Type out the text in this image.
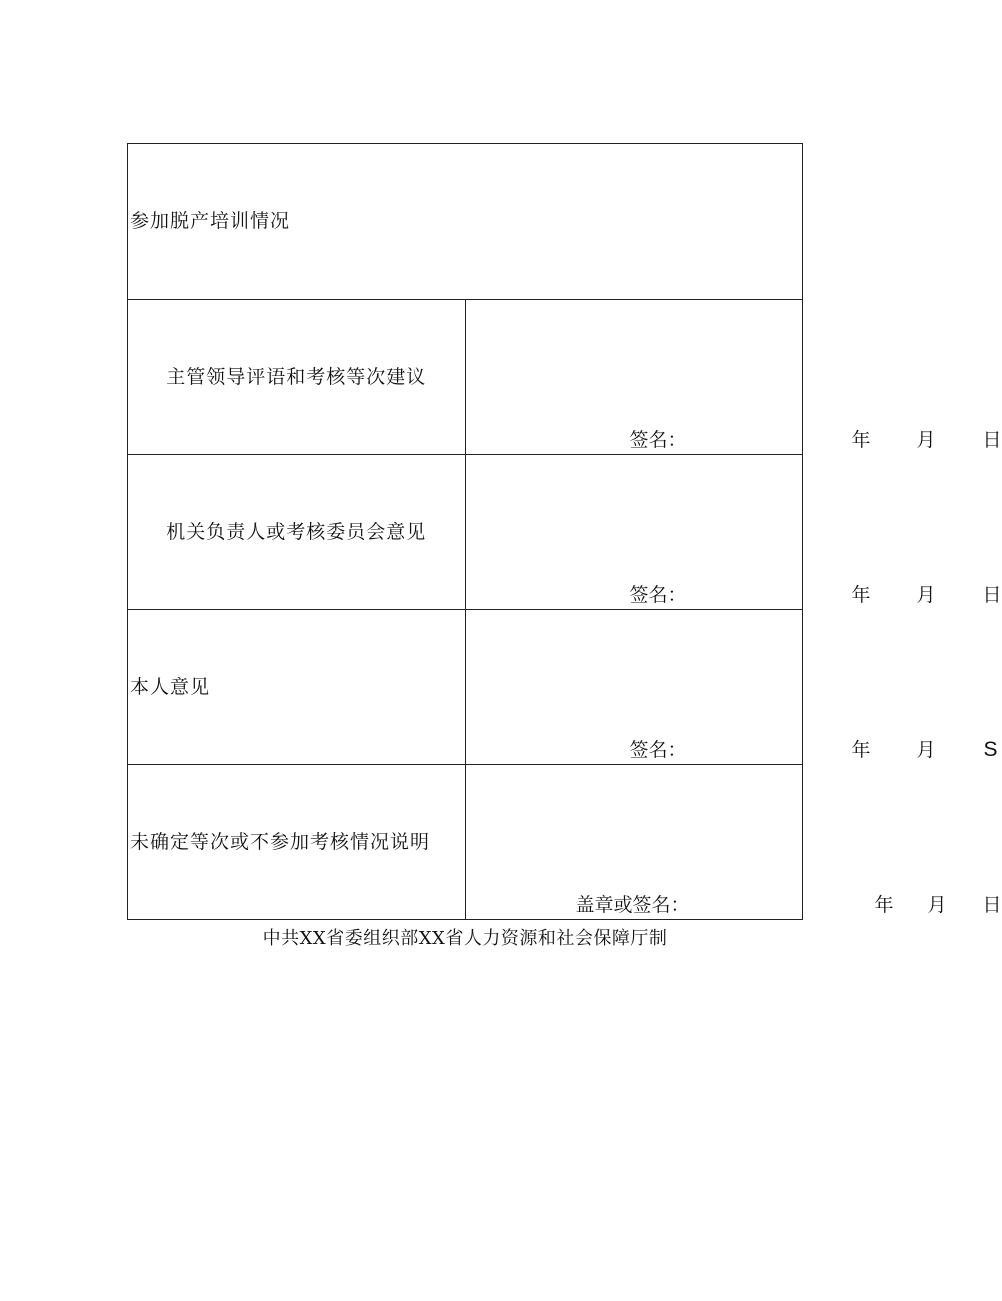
参加脱产培训情况	
主管领导评语和考核等次建议	签名： 年 月 日

机关负责人或考核委员会意见	签名： 年 月 日

本人意见	签名： 年 月 S

未确定等次或不参加考核情况说明	盖章或签名： 年 月 日
中共XX省委组织部XX省人力资源和社会保障厅制
